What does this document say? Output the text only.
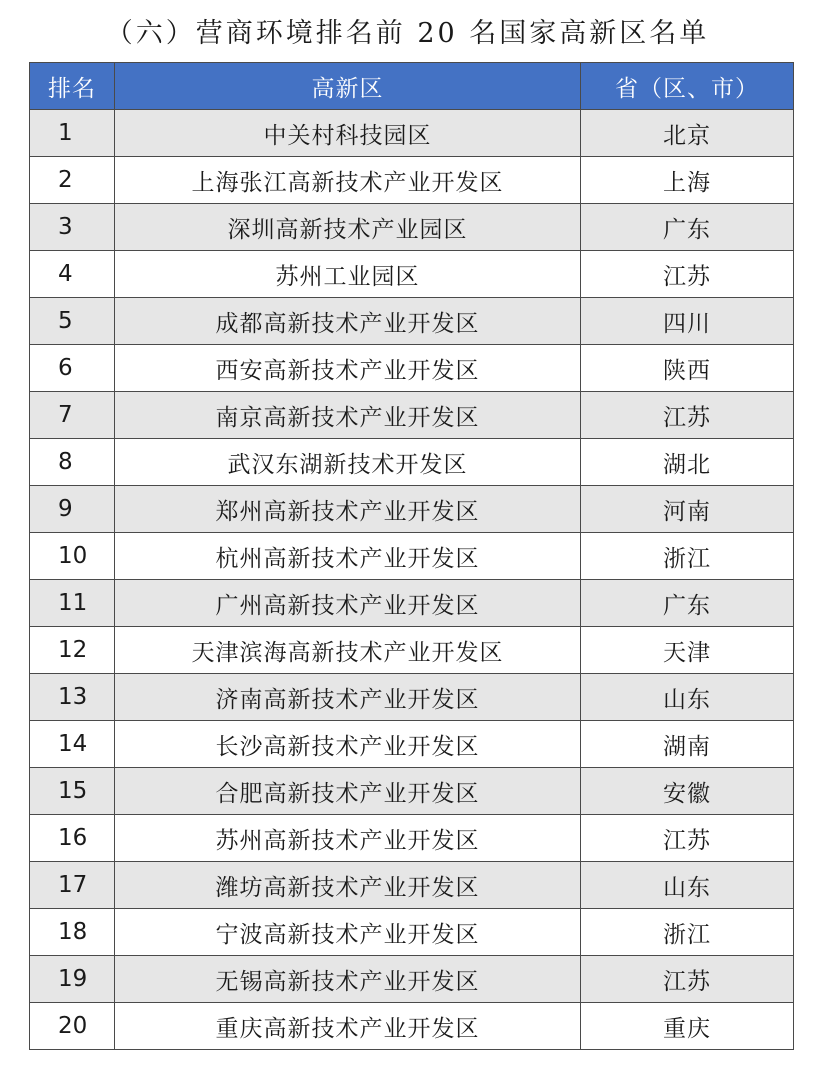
（六）营商环境排名前 20 名国家高新区名单
排名	高新区	省（区、市）
1	中关村科技园区	北京
2	上海张江高新技术产业开发区	上海
3	深圳高新技术产业园区	广东
4	苏州工业园区	江苏
5	成都高新技术产业开发区	四川
6	西安高新技术产业开发区	陕西
7	南京高新技术产业开发区	江苏
8	武汉东湖新技术开发区	湖北
9	郑州高新技术产业开发区	河南
10	杭州高新技术产业开发区	浙江
11	广州高新技术产业开发区	广东
12	天津滨海高新技术产业开发区	天津
13	济南高新技术产业开发区	山东
14	长沙高新技术产业开发区	湖南
15	合肥高新技术产业开发区	安徽
16	苏州高新技术产业开发区	江苏
17	潍坊高新技术产业开发区	山东
18	宁波高新技术产业开发区	浙江
19	无锡高新技术产业开发区	江苏
20	重庆高新技术产业开发区	重庆
